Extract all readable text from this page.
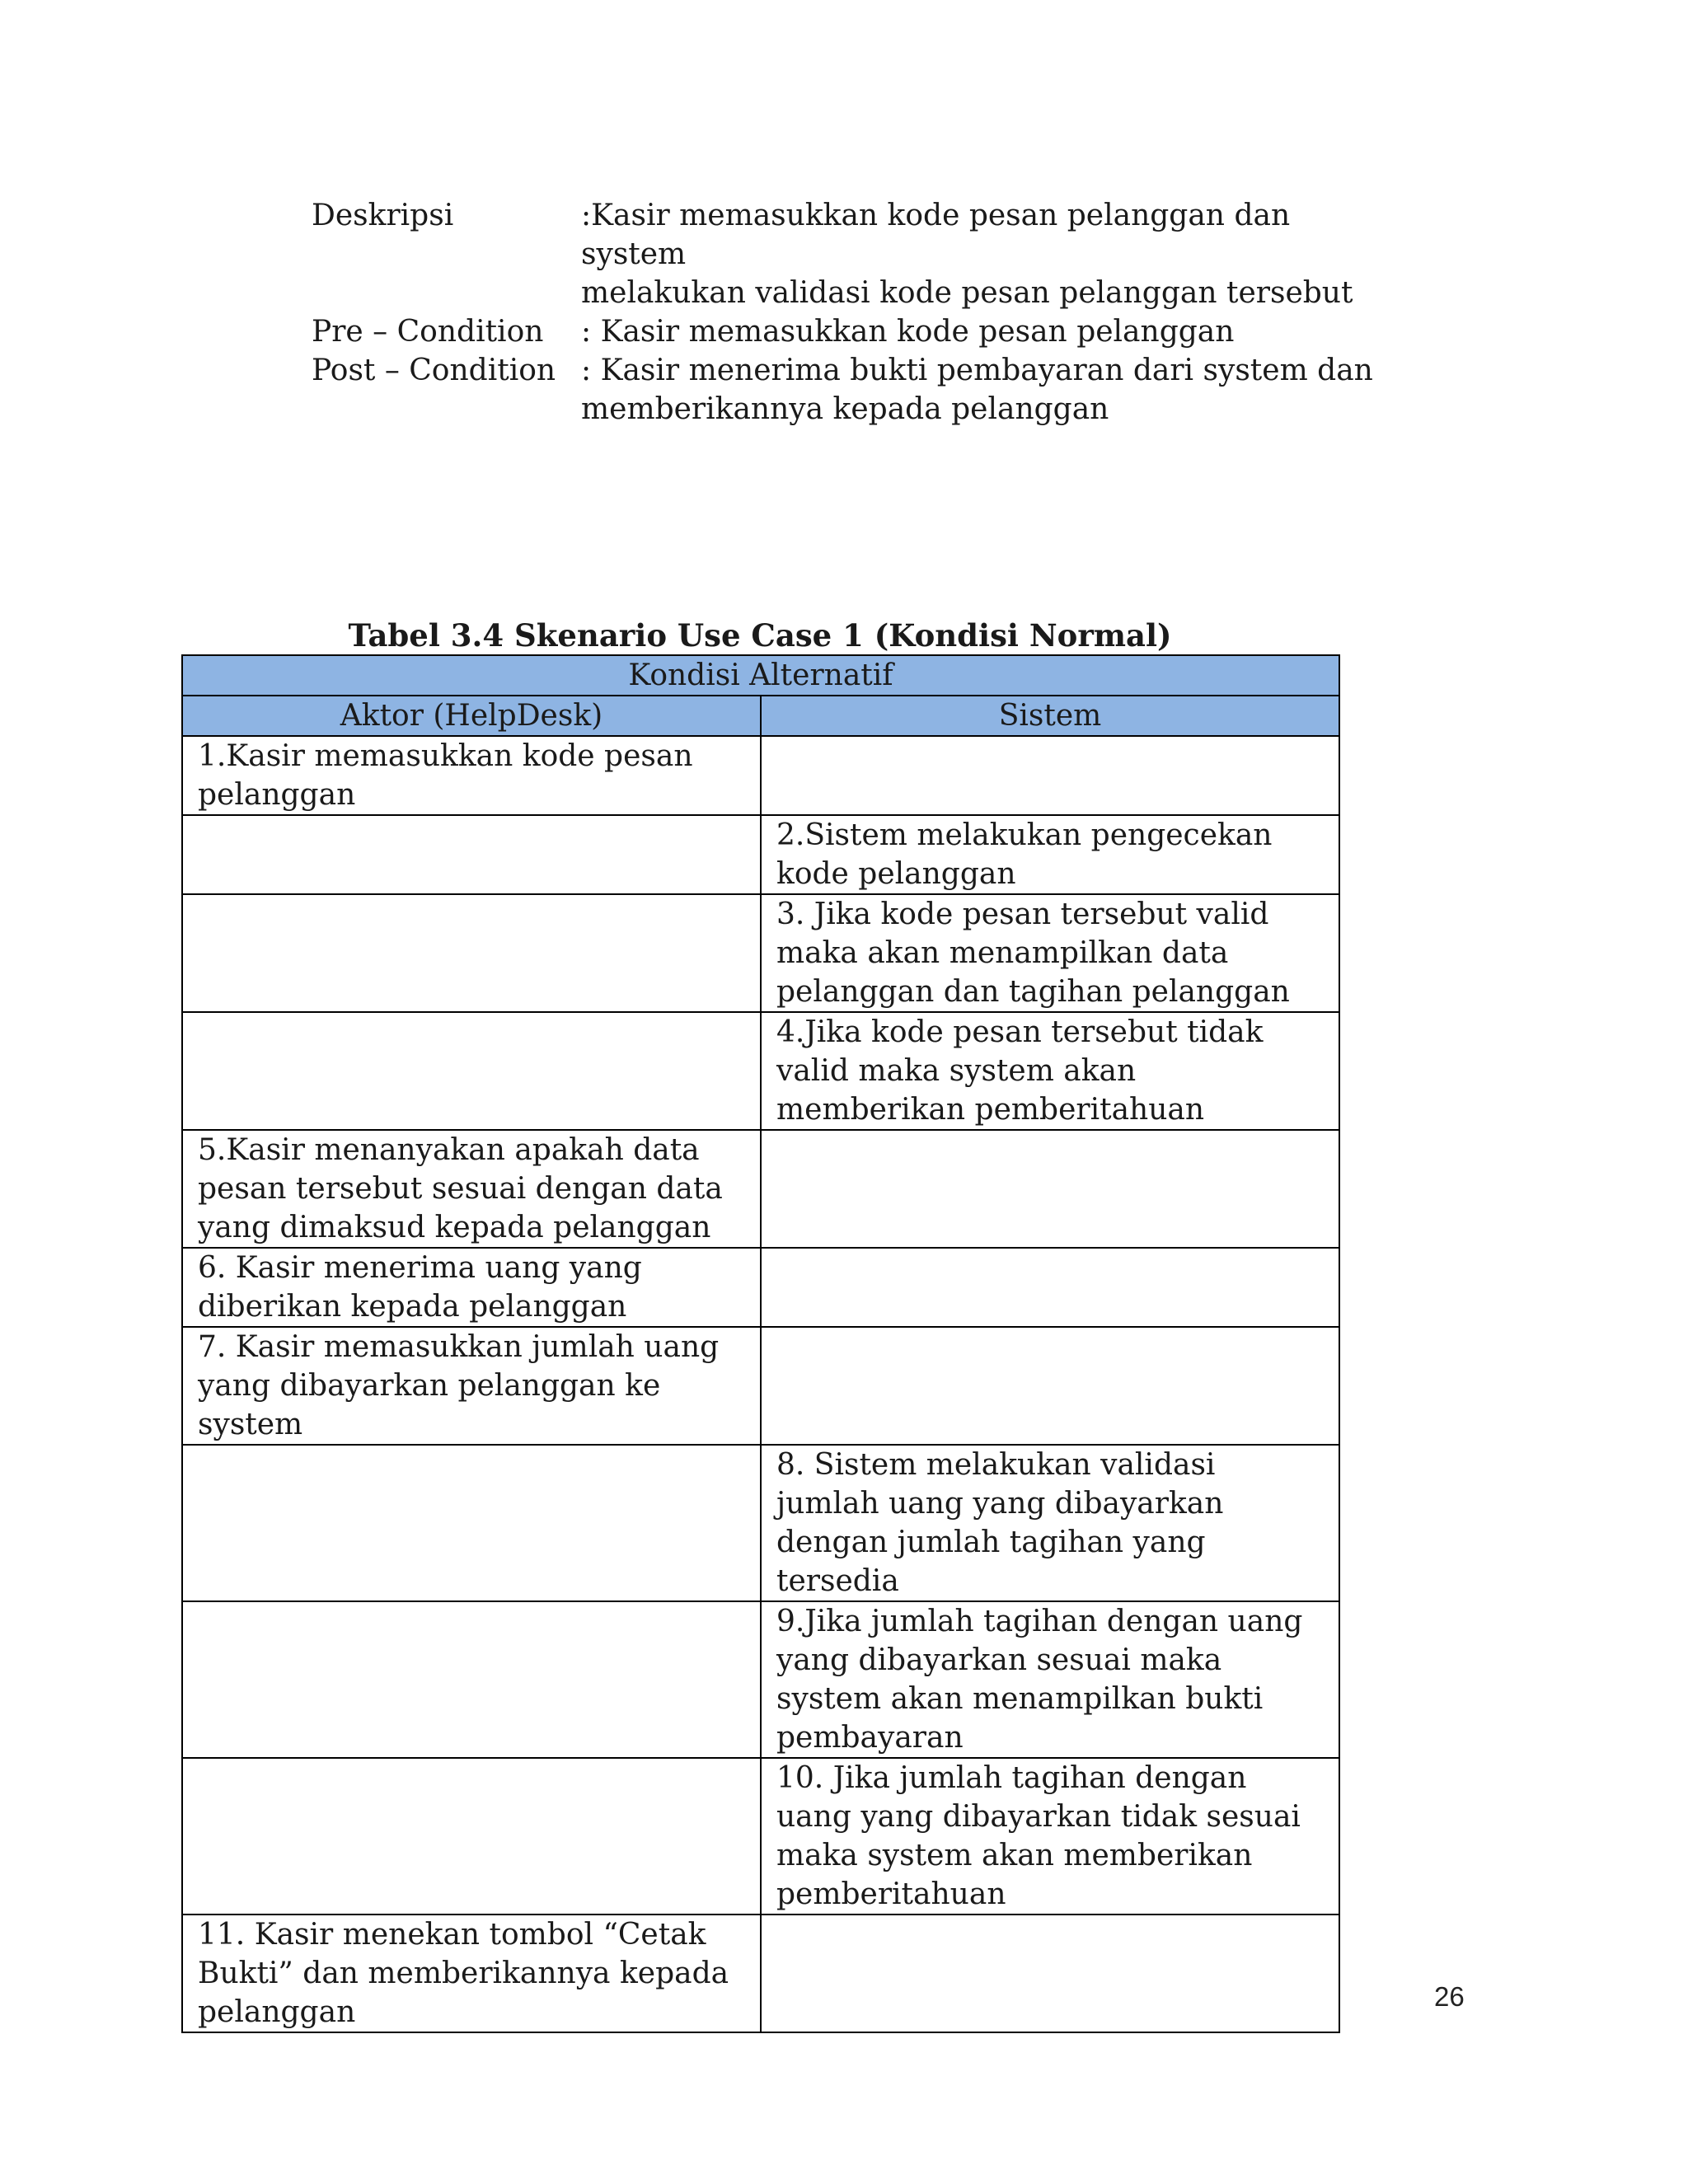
Deskripsi	:Kasir memasukkan kode pesan pelanggan dan system
melakukan validasi kode pesan pelanggan tersebut
Pre – Condition	: Kasir memasukkan kode pesan pelanggan
Post – Condition : Kasir menerima bukti pembayaran dari system dan
memberikannya kepada pelanggan
Tabel 3.4 Skenario Use Case 1 (Kondisi Normal)
Kondisi Alternatif	
Aktor (HelpDesk)	Sistem
1.Kasir memasukkan kode pesan pelanggan	
	2.Sistem melakukan pengecekan kode pelanggan
	3. Jika kode pesan tersebut valid maka akan menampilkan data pelanggan dan tagihan pelanggan
	4.Jika kode pesan tersebut tidak valid maka system akan memberikan pemberitahuan
5.Kasir menanyakan apakah data pesan tersebut sesuai dengan data yang dimaksud kepada pelanggan	
6. Kasir menerima uang yang diberikan kepada pelanggan	
7. Kasir memasukkan jumlah uang yang dibayarkan pelanggan ke system	
	8. Sistem melakukan validasi jumlah uang yang dibayarkan dengan jumlah tagihan yang tersedia
	9.Jika jumlah tagihan dengan uang yang dibayarkan sesuai maka system akan menampilkan bukti pembayaran
	10. Jika jumlah tagihan dengan uang yang dibayarkan tidak sesuai maka system akan memberikan pemberitahuan
11. Kasir menekan tombol “Cetak Bukti” dan memberikannya kepada pelanggan		26
